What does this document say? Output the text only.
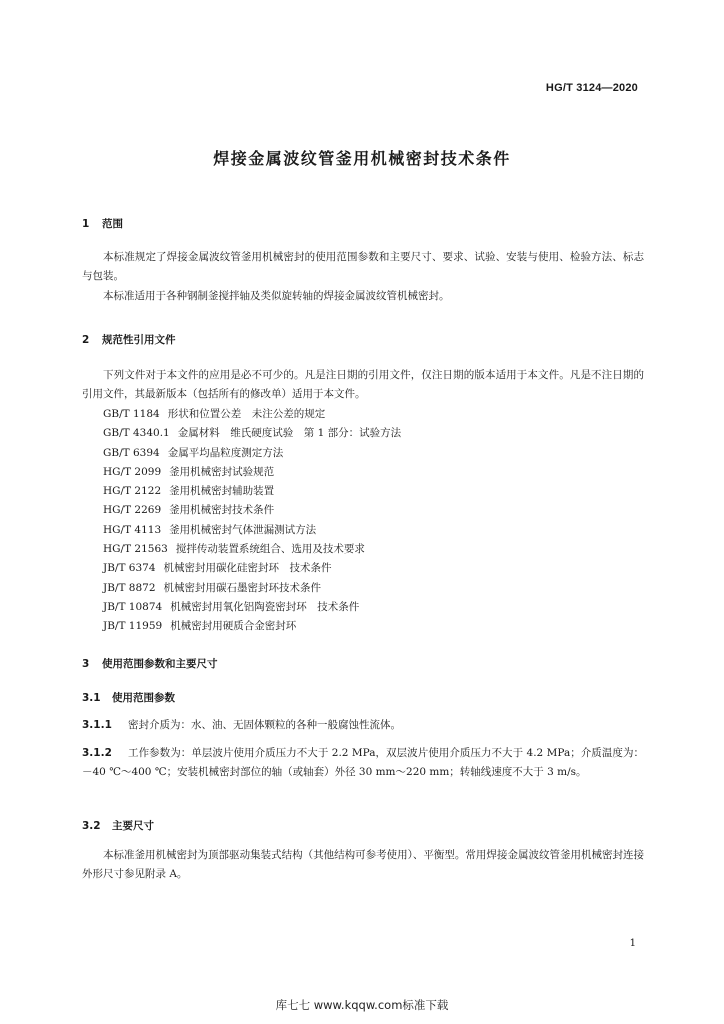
HG/T 3124—2020
焊接金属波纹管釜用机械密封技术条件
1 范围

本标准规定了焊接金属波纹管釜用机械密封的使用范围参数和主要尺寸、要求、试验、安装与使用、检验方法、标志与包装。

本标准适用于各种钢制釜搅拌轴及类似旋转轴的焊接金属波纹管机械密封。

2 规范性引用文件

下列文件对于本文件的应用是必不可少的。凡是注日期的引用文件，仅注日期的版本适用于本文件。凡是不注日期的引用文件，其最新版本（包括所有的修改单）适用于本文件。

GB/T 1184 形状和位置公差　未注公差的规定
GB/T 4340.1 金属材料　维氏硬度试验　第 1 部分：试验方法
GB/T 6394 金属平均晶粒度测定方法
HG/T 2099 釜用机械密封试验规范
HG/T 2122 釜用机械密封辅助装置
HG/T 2269 釜用机械密封技术条件
HG/T 4113 釜用机械密封气体泄漏测试方法
HG/T 21563 搅拌传动装置系统组合、选用及技术要求
JB/T 6374 机械密封用碳化硅密封环　技术条件
JB/T 8872 机械密封用碳石墨密封环技术条件
JB/T 10874 机械密封用氧化铝陶瓷密封环　技术条件
JB/T 11959 机械密封用硬质合金密封环
3 使用范围参数和主要尺寸
3.1 使用范围参数

3.1.1 密封介质为：水、油、无固体颗粒的各种一般腐蚀性流体。

3.1.2 工作参数为：单层波片使用介质压力不大于 2.2 MPa，双层波片使用介质压力不大于 4.2 MPa；介质温度为：－40 ℃～400 ℃；安装机械密封部位的轴（或轴套）外径 30 mm～220 mm；转轴线速度不大于 3 m/s。

3.2 主要尺寸

本标准釜用机械密封为顶部驱动集装式结构（其他结构可参考使用）、平衡型。常用焊接金属波纹管釜用机械密封连接外形尺寸参见附录 A。

1
库七七 www.kqqw.com标准下载
